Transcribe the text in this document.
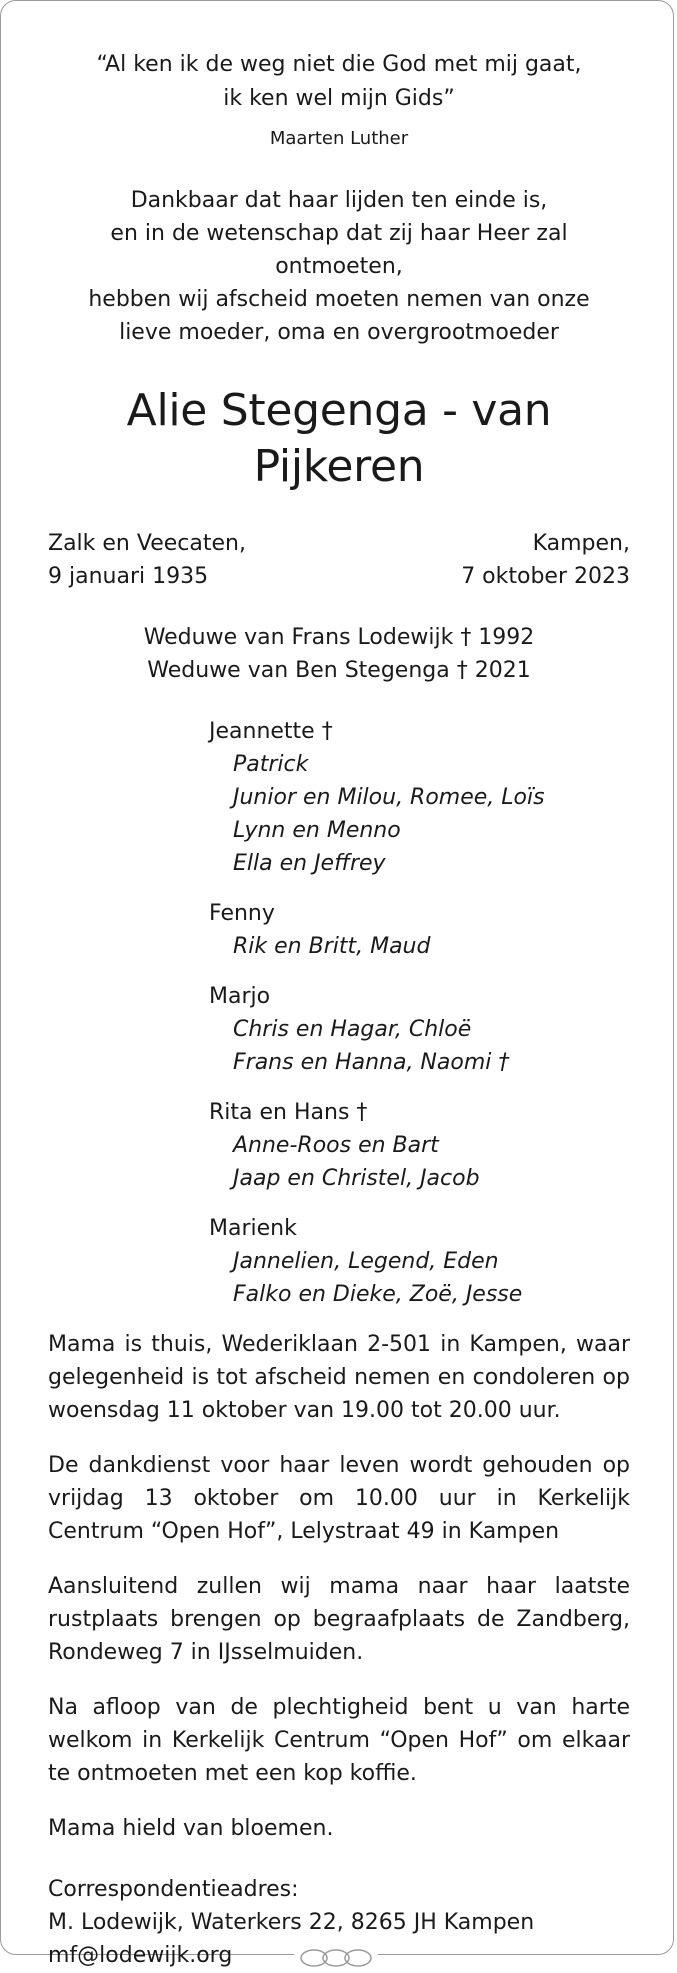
“Al ken ik de weg niet die God met mij gaat,
ik ken wel mijn Gids”
Maarten Luther
Dankbaar dat haar lijden ten einde is,
en in de wetenschap dat zij haar Heer zal ontmoeten,
hebben wij afscheid moeten nemen van onze
lieve moeder, oma en overgrootmoeder
Alie Stegenga - van Pijkeren
Zalk en Veecaten,
9 januari 1935
Kampen,
7 oktober 2023
Weduwe van Frans Lodewijk † 1992
Weduwe van Ben Stegenga † 2021
Jeannette †
Patrick
Junior en Milou, Romee, Loïs
Lynn en Menno
Ella en Jeffrey
Fenny
Rik en Britt, Maud
Marjo
Chris en Hagar, Chloë
Frans en Hanna, Naomi †
Rita en Hans †
Anne-Roos en Bart
Jaap en Christel, Jacob
Marienk
Jannelien, Legend, Eden
Falko en Dieke, Zoë, Jesse

Mama is thuis, Wederiklaan 2-501 in Kampen, waar gelegenheid is tot afscheid nemen en condoleren op woensdag 11 oktober van 19.00 tot 20.00 uur.

De dankdienst voor haar leven wordt gehouden op vrijdag 13 oktober om 10.00 uur in Kerkelijk Centrum “Open Hof”, Lelystraat 49 in Kampen

Aansluitend zullen wij mama naar haar laatste rustplaats brengen op begraafplaats de Zandberg, Rondeweg 7 in IJsselmuiden.

Na afloop van de plechtigheid bent u van harte welkom in Kerkelijk Centrum “Open Hof” om elkaar te ontmoeten met een kop koffie.

Mama hield van bloemen.

Correspondentieadres:
M. Lodewijk, Waterkers 22, 8265 JH Kampen
mf@lodewijk.org
